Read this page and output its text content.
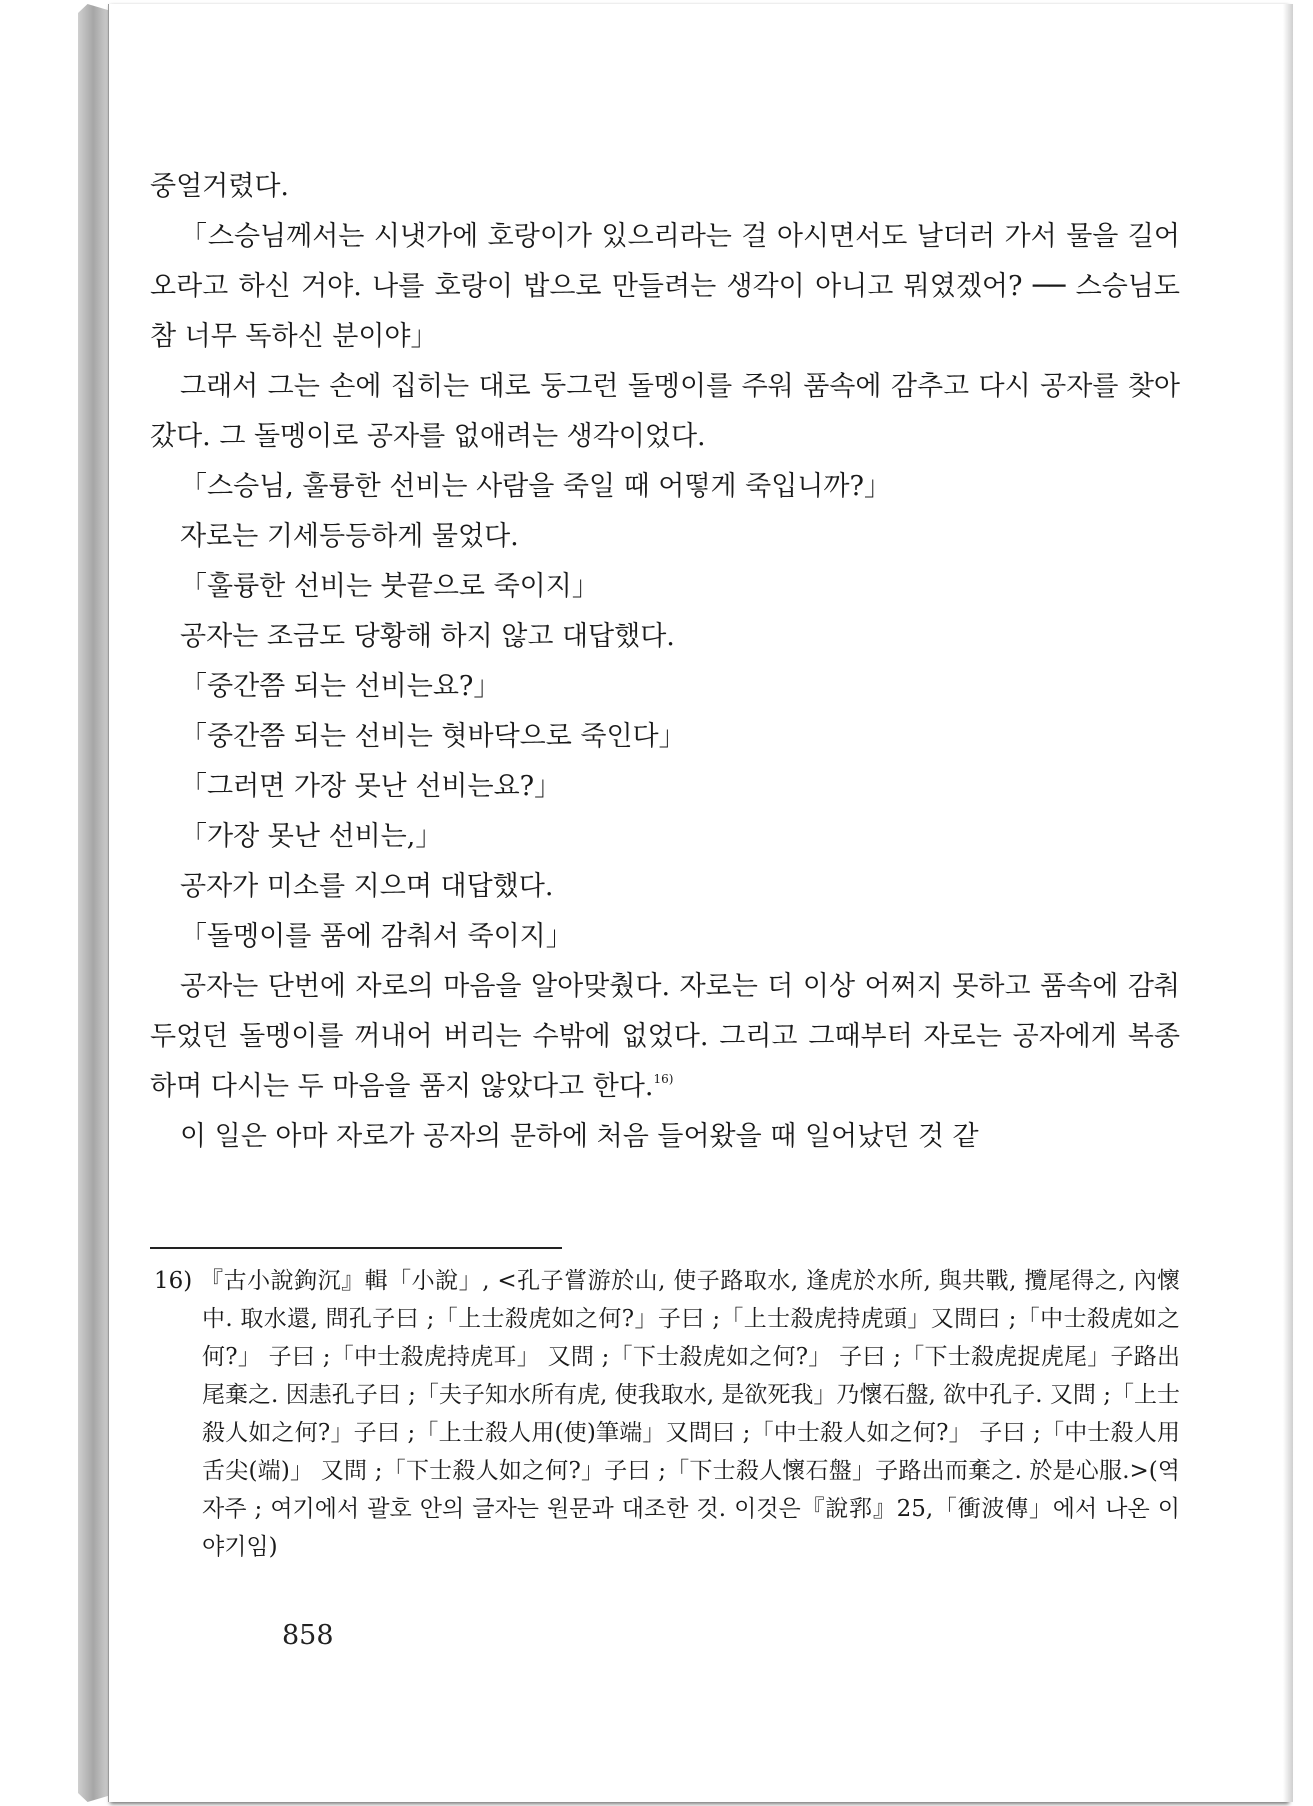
중얼거렸다.

「스승님께서는 시냇가에 호랑이가 있으리라는 걸 아시면서도 날더러 가서 물을 길어오라고 하신 거야. 나를 호랑이 밥으로 만들려는 생각이 아니고 뭐였겠어? ── 스승님도 참 너무 독하신 분이야」

그래서 그는 손에 집히는 대로 둥그런 돌멩이를 주워 품속에 감추고 다시 공자를 찾아갔다. 그 돌멩이로 공자를 없애려는 생각이었다.

「스승님, 훌륭한 선비는 사람을 죽일 때 어떻게 죽입니까?」

자로는 기세등등하게 물었다.

「훌륭한 선비는 붓끝으로 죽이지」

공자는 조금도 당황해 하지 않고 대답했다.

「중간쯤 되는 선비는요?」

「중간쯤 되는 선비는 혓바닥으로 죽인다」

「그러면 가장 못난 선비는요?」

「가장 못난 선비는,」

공자가 미소를 지으며 대답했다.

「돌멩이를 품에 감춰서 죽이지」

공자는 단번에 자로의 마음을 알아맞췄다. 자로는 더 이상 어쩌지 못하고 품속에 감춰 두었던 돌멩이를 꺼내어 버리는 수밖에 없었다. 그리고 그때부터 자로는 공자에게 복종하며 다시는 두 마음을 품지 않았다고 한다.$^{16)}$

이 일은 아마 자로가 공자의 문하에 처음 들어왔을 때 일어났던 것 같

16) 『古小說鉤沉』輯「小說」, <孔子嘗游於山, 使子路取水, 逢虎於水所, 與共戰, 攬尾得之, 內懷中. 取水還, 問孔子曰 ;「上士殺虎如之何?」子曰 ;「上士殺虎持虎頭」又問曰 ;「中士殺虎如之何?」 子曰 ;「中士殺虎持虎耳」 又問 ;「下士殺虎如之何?」 子曰 ;「下士殺虎捉虎尾」子路出尾棄之. 因恚孔子曰 ;「夫子知水所有虎, 使我取水, 是欲死我」乃懷石盤, 欲中孔子. 又問 ;「上士殺人如之何?」子曰 ;「上士殺人用(使)筆端」又問曰 ;「中士殺人如之何?」 子曰 ;「中士殺人用舌尖(端)」 又問 ;「下士殺人如之何?」子曰 ;「下士殺人懷石盤」子路出而棄之. 於是心服.>(역자주 ; 여기에서 괄호 안의 글자는 원문과 대조한 것. 이것은『說郛』25,「衝波傳」에서 나온 이야기임)

858
